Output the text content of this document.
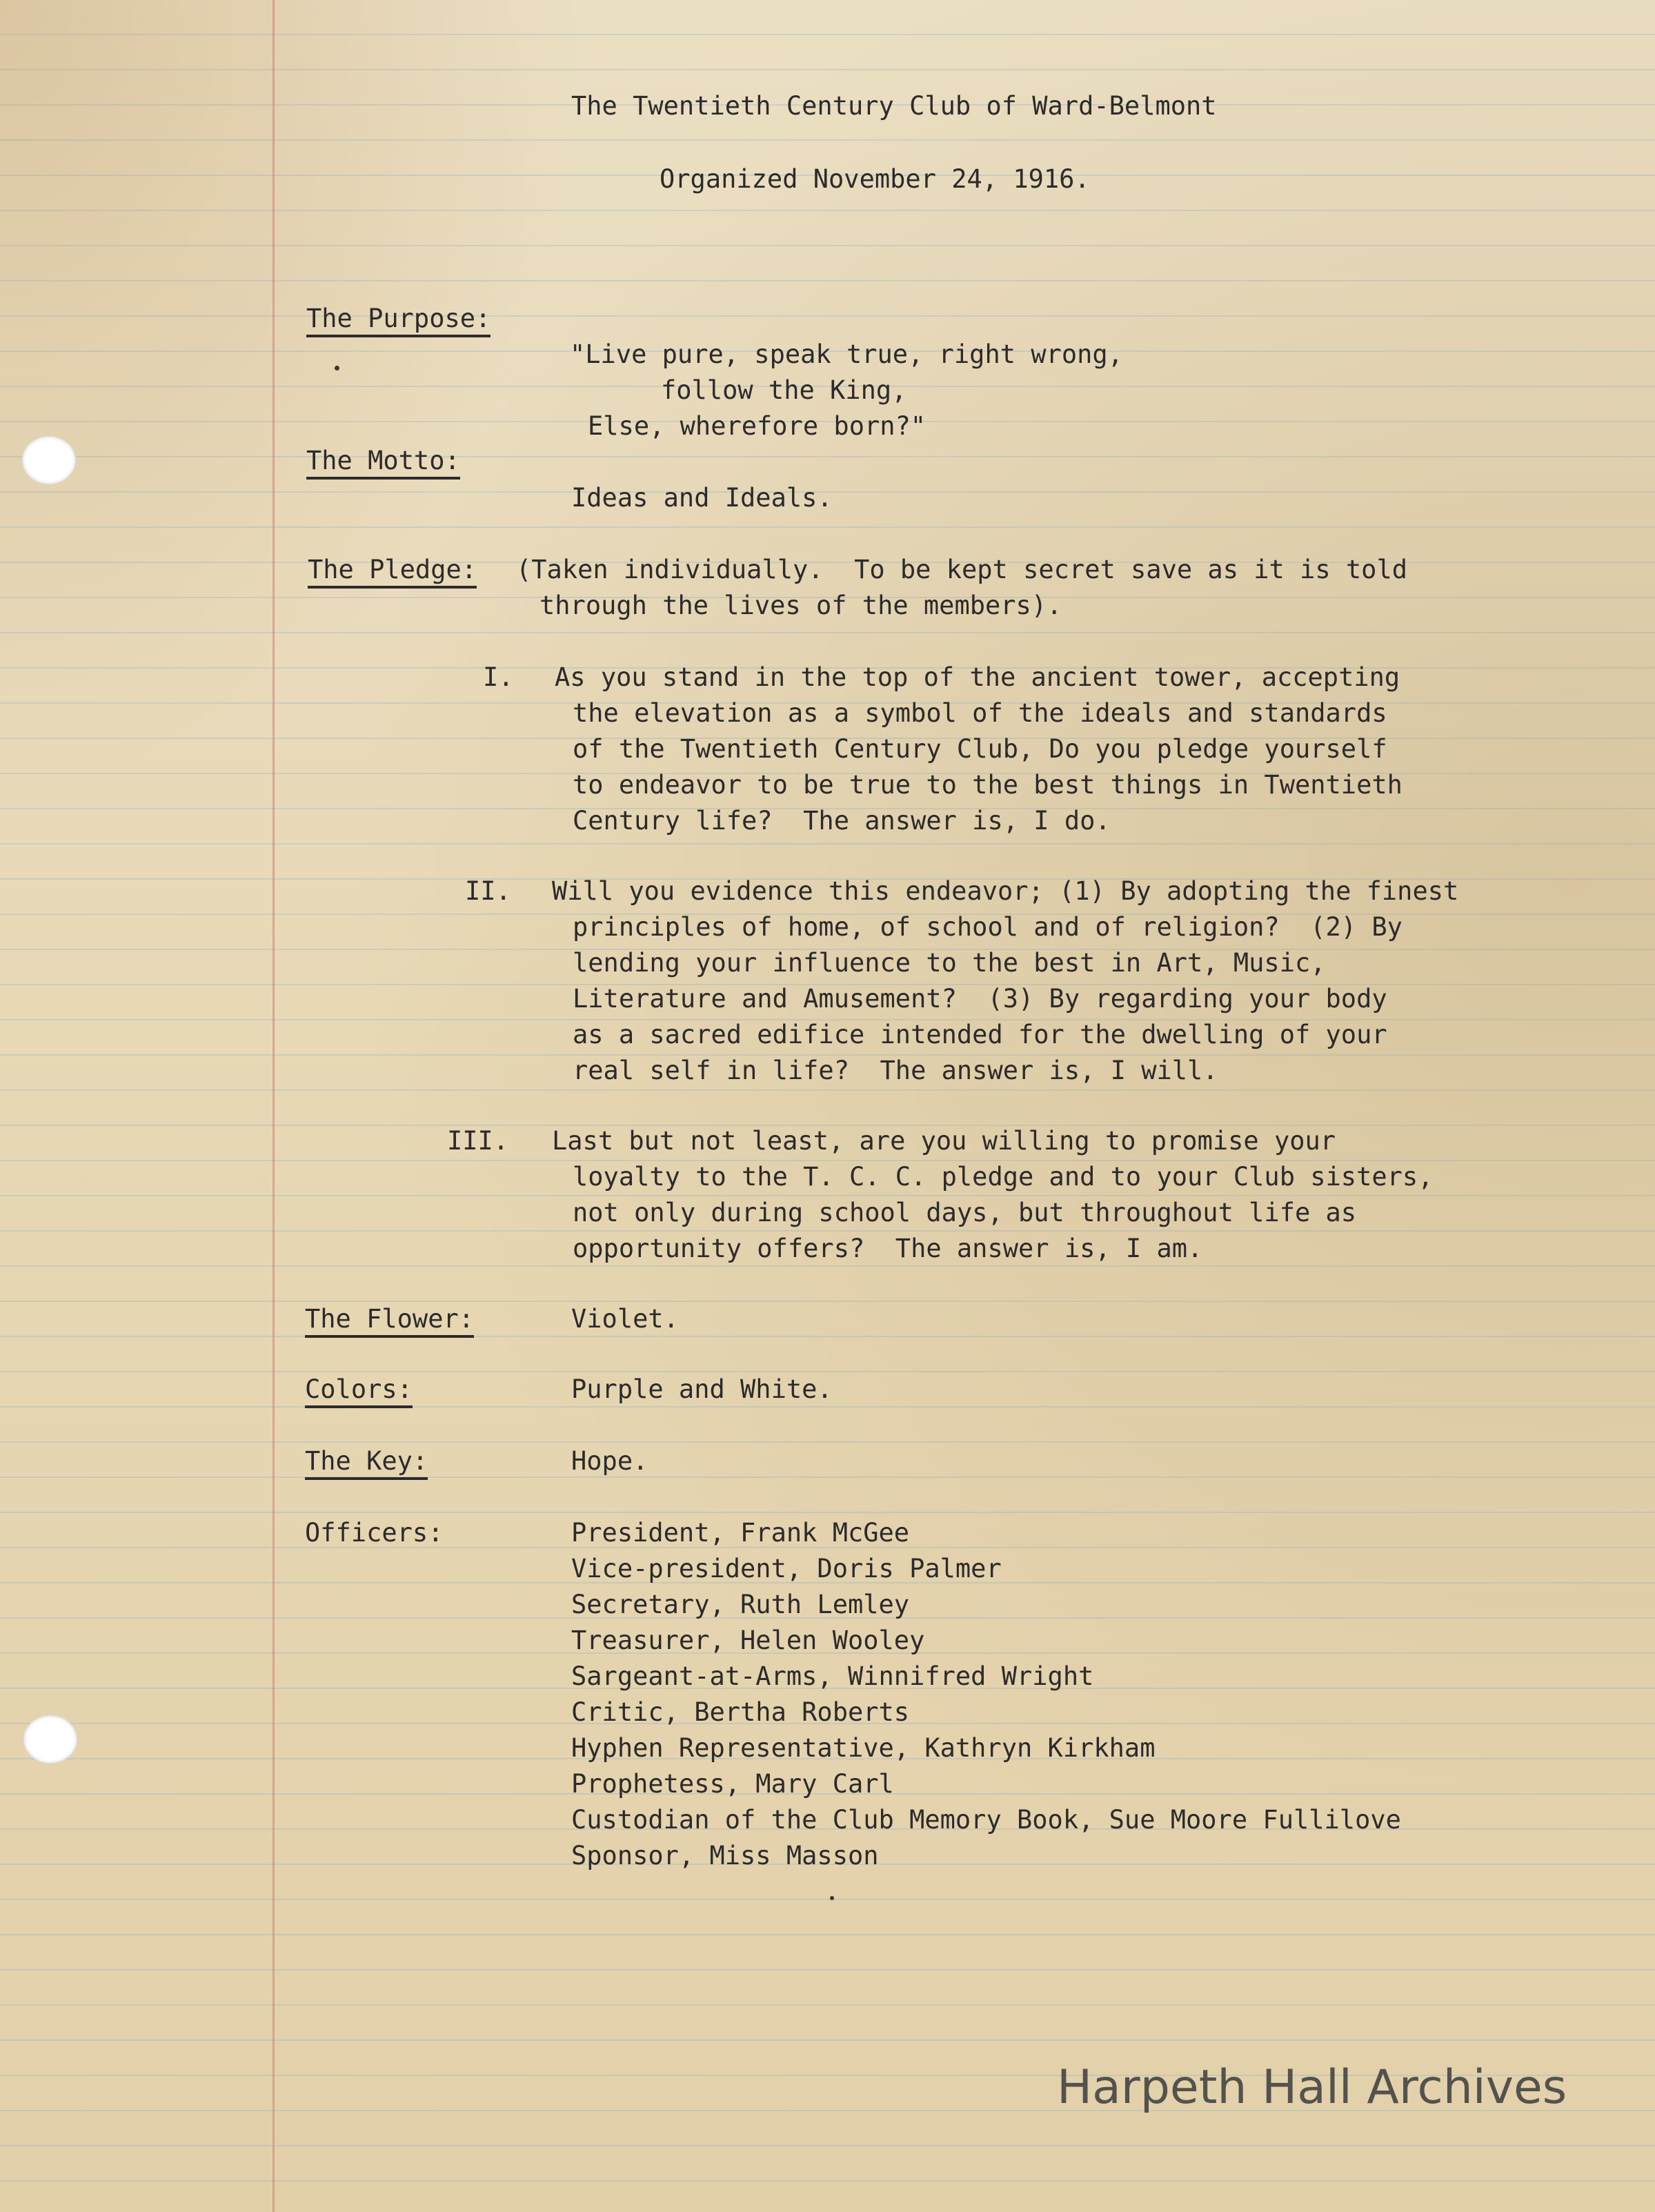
The Twentieth Century Club of Ward-Belmont
Organized November 24, 1916.
The Purpose:
"Live pure, speak true, right wrong,
follow the King,
Else, wherefore born?"
The Motto:
Ideas and Ideals.
The Pledge: (Taken individually.  To be kept secret save as it is told
through the lives of the members).
I. As you stand in the top of the ancient tower, accepting
the elevation as a symbol of the ideals and standards
of the Twentieth Century Club, Do you pledge yourself
to endeavor to be true to the best things in Twentieth
Century life?  The answer is, I do.
II. Will you evidence this endeavor; (1) By adopting the finest
principles of home, of school and of religion?  (2) By
lending your influence to the best in Art, Music,
Literature and Amusement?  (3) By regarding your body
as a sacred edifice intended for the dwelling of your
real self in life?  The answer is, I will.
III. Last but not least, are you willing to promise your
loyalty to the T. C. C. pledge and to your Club sisters,
not only during school days, but throughout life as
opportunity offers?  The answer is, I am.
The Flower:	Violet.
Colors:	Purple and White.
The Key:	Hope.
Officers:	President, Frank McGee
Vice-president, Doris Palmer
Secretary, Ruth Lemley
Treasurer, Helen Wooley
Sargeant-at-Arms, Winnifred Wright
Critic, Bertha Roberts
Hyphen Representative, Kathryn Kirkham
Prophetess, Mary Carl
Custodian of the Club Memory Book, Sue Moore Fullilove
Sponsor, Miss Masson
Harpeth Hall Archives
